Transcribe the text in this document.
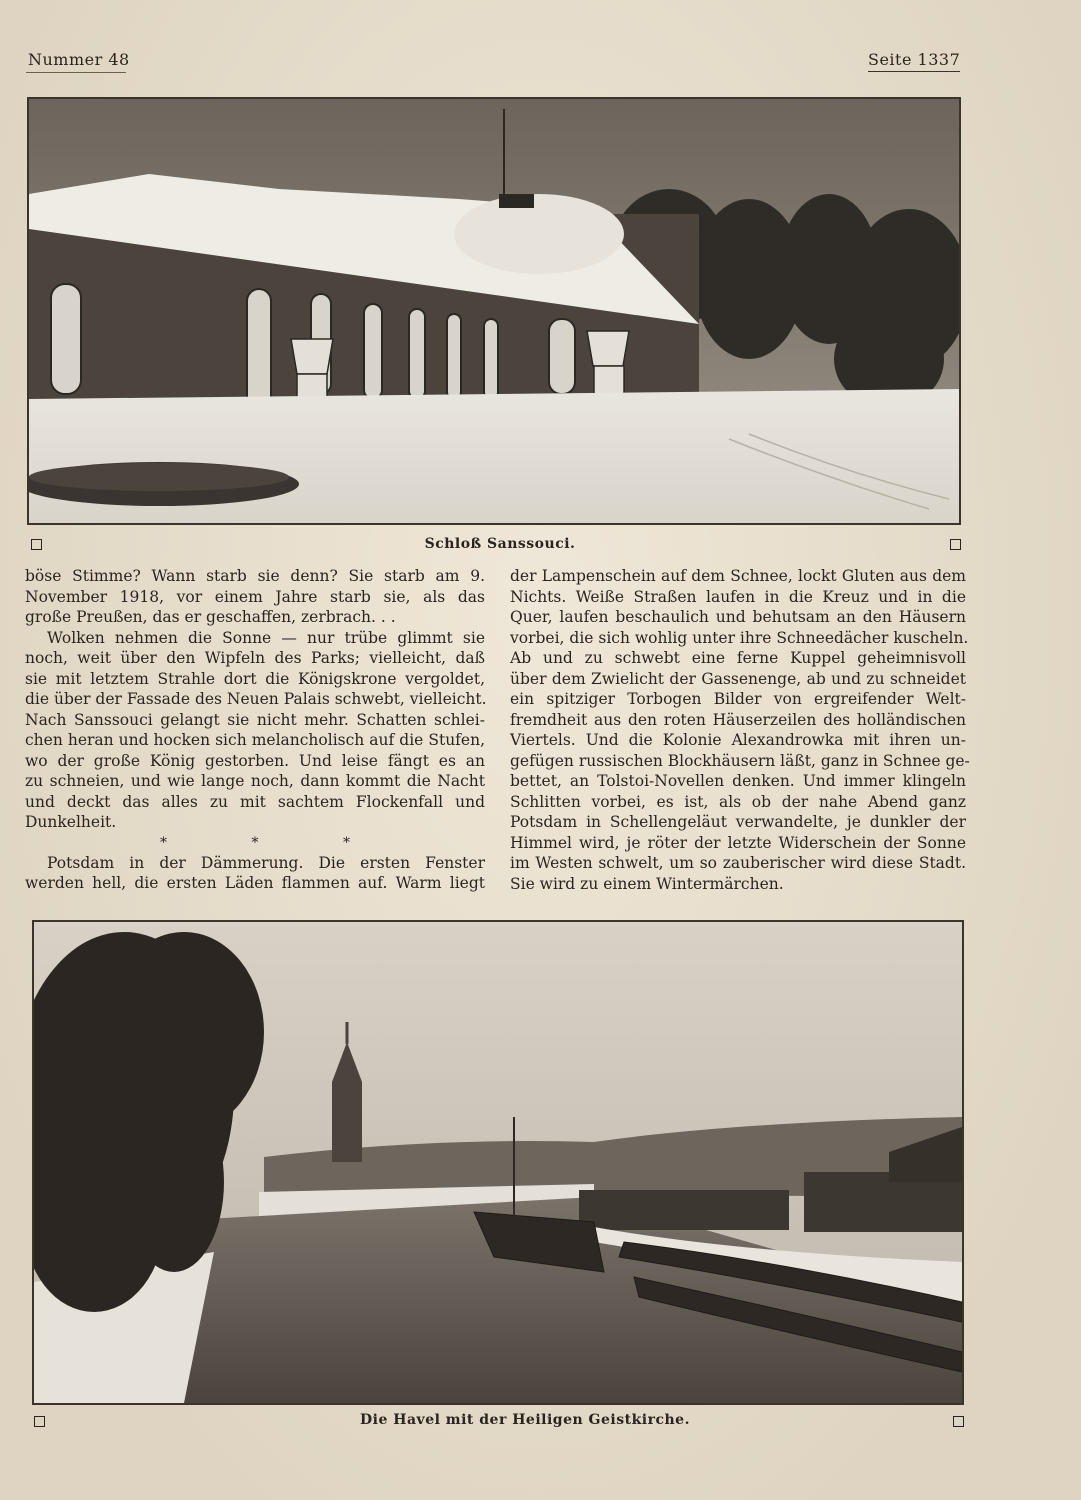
Nummer 48	Seite 1337
Schloß Sanssouci.
böse Stimme? Wann starb sie denn? Sie starb am 9.
November 1918, vor einem Jahre starb sie, als das
große Preußen, das er geschaffen, zerbrach. . .
Wolken nehmen die Sonne — nur trübe glimmt sie
noch, weit über den Wipfeln des Parks; vielleicht, daß
sie mit letztem Strahle dort die Königskrone vergoldet,
die über der Fassade des Neuen Palais schwebt, vielleicht.
Nach Sanssouci gelangt sie nicht mehr. Schatten schlei-
chen heran und hocken sich melancholisch auf die Stufen,
wo der große König gestorben. Und leise fängt es an
zu schneien, und wie lange noch, dann kommt die Nacht
und deckt das alles zu mit sachtem Flockenfall und
Dunkelheit.
* * *
Potsdam in der Dämmerung. Die ersten Fenster
werden hell, die ersten Läden flammen auf. Warm liegt
der Lampenschein auf dem Schnee, lockt Gluten aus dem
Nichts. Weiße Straßen laufen in die Kreuz und in die
Quer, laufen beschaulich und behutsam an den Häusern
vorbei, die sich wohlig unter ihre Schneedächer kuscheln.
Ab und zu schwebt eine ferne Kuppel geheimnisvoll
über dem Zwielicht der Gassenenge, ab und zu schneidet
ein spitziger Torbogen Bilder von ergreifender Welt-
fremdheit aus den roten Häuserzeilen des holländischen
Viertels. Und die Kolonie Alexandrowka mit ihren un-
gefügen russischen Blockhäusern läßt, ganz in Schnee ge-
bettet, an Tolstoi-Novellen denken. Und immer klingeln
Schlitten vorbei, es ist, als ob der nahe Abend ganz
Potsdam in Schellengeläut verwandelte, je dunkler der
Himmel wird, je röter der letzte Widerschein der Sonne
im Westen schwelt, um so zauberischer wird diese Stadt.
Sie wird zu einem Wintermärchen.
Die Havel mit der Heiligen Geistkirche.
